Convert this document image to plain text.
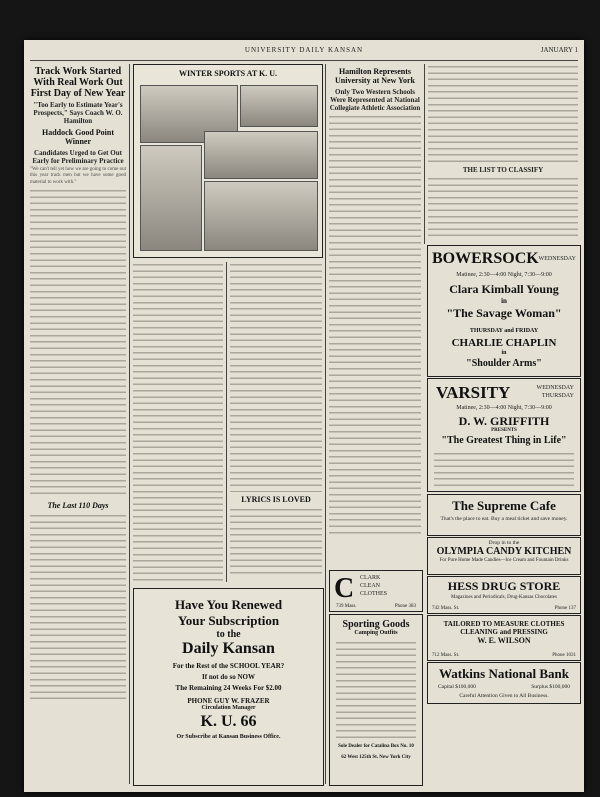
UNIVERSITY DAILY KANSAN	JANUARY 1
Track Work Started With Real Work Out First Day of New Year
"Too Early to Estimate Year's Prospects," Says Coach W. O. Hamilton
Haddock Good Point Winner
Candidates Urged to Get Out Early for Preliminary Practice
"We can't tell yet how we are going to come out this year track men but we have some good material to work with."
The Last 110 Days
WINTER SPORTS AT K. U.
LYRICS IS LOVED
Have You Renewed
Your Subscription
to the
Daily Kansan
For the Rest of the SCHOOL YEAR?
If not do so NOW
The Remaining 24 Weeks For $2.00
PHONE GUY W. FRAZER
Circulation Manager
K. U. 66
Or Subscribe at Kansan Business Office.
Hamilton Represents University at New York
Only Two Western Schools Were Represented at National Collegiate Athletic Association
THE LIST TO CLASSIFY
BOWERSOCK WEDNESDAY
Matinee, 2:30—4:00 Night, 7:30—9:00
Clara Kimball Young
in
"The Savage Woman"
THURSDAY and FRIDAY
CHARLIE CHAPLIN
in
"Shoulder Arms"
VARSITY	WEDNESDAY
THURSDAY
Matinee, 2:30—4:00 Night, 7:30—9:00
D. W. GRIFFITH
PRESENTS
"The Greatest Thing in Life"
C CLARK
CLEAN
CLOTHES
739 Mass.	Phone 383
Sporting Goods
Camping Outfits
Sole Dealer for Catalina Box No. 10
62 West 125th St. New York City
The Supreme Cafe
That's the place to eat. Buy a meal ticket and save money.
Drop in to the
OLYMPIA CANDY KITCHEN
For Pure Home Made Candies—Ice Cream and Fountain Drinks
HESS DRUG STORE
Magazines and Periodicals, Drug-Kansas Chocolates
742 Mass. St.	Phone 137
TAILORED TO MEASURE CLOTHES
CLEANING and PRESSING
W. E. WILSON
712 Mass. St.	Phone 1031
Watkins National Bank
Capital $100,000	Surplus $100,000
Careful Attention Given to All Business.
